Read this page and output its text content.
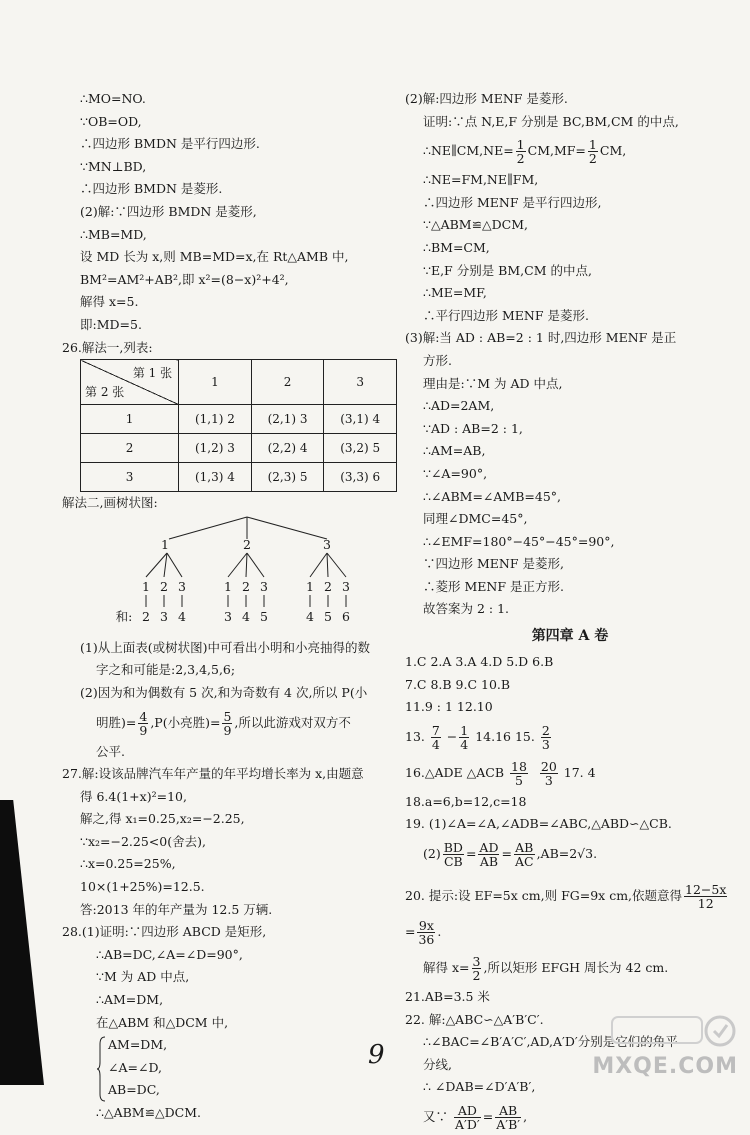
∴MO=NO.
∵OB=OD,
∴四边形 BMDN 是平行四边形.
∵MN⊥BD,
∴四边形 BMDN 是菱形.
(2)解:∵四边形 BMDN 是菱形,
∴MB=MD,
设 MD 长为 x,则 MB=MD=x,在 Rt△AMB 中,
BM²=AM²+AB²,即 x²=(8−x)²+4²,
解得 x=5.
即:MD=5.
26.解法一,列表:
第 1 张
第 2 张	1	2	3
1	(1,1) 2	(2,1) 3	(3,1) 4
2	(1,2) 3	(2,2) 4	(3,2) 5
3	(1,3) 4	(2,3) 5	(3,3) 6
解法二,画树状图:
1	2	3
1 2 3	1 2 3	1 2 3
和: 2 3 4	3 4 5	4 5 6
(1)从上面表(或树状图)中可看出小明和小亮抽得的数
字之和可能是:2,3,4,5,6;
(2)因为和为偶数有 5 次,和为奇数有 4 次,所以 P(小
明胜)= $\frac{4}{9} ,P$(小亮胜)= $\frac{5}{9}$ ,所以此游戏对双方不
公平.
27.解:设该品牌汽车年产量的年平均增长率为 x,由题意
得 6.4(1+x)²=10,
解之,得 x₁=0.25,x₂=−2.25,
∵x₂=−2.25<0(舍去),
∴x=0.25=25%,
10×(1+25%)=12.5.
答:2013 年的年产量为 12.5 万辆.
28.(1)证明:∵四边形 ABCD 是矩形,
∴AB=DC,∠A=∠D=90°,
∵M 为 AD 中点,
∴AM=DM,
在△ABM 和△DCM 中,
AM=DM,
∠A=∠D,
AB=DC,
∴△ABM≌△DCM.
(2)解:四边形 MENF 是菱形.
证明:∵点 N,E,F 分别是 BC,BM,CM 的中点,
∴NE∥CM,NE= $\frac{1}{2} CM,MF= \frac{1}{2}$ CM,
∴NE=FM,NE∥FM,
∴四边形 MENF 是平行四边形,
∵△ABM≌△DCM,
∴BM=CM,
∵E,F 分别是 BM,CM 的中点,
∴ME=MF,
∴平行四边形 MENF 是菱形.
(3)解:当 AD : AB=2 : 1 时,四边形 MENF 是正
方形.
理由是:∵M 为 AD 中点,
∴AD=2AM,
∵AD : AB=2 : 1,
∴AM=AB,
∵∠A=90°,
∴∠ABM=∠AMB=45°,
同理∠DMC=45°,
∴∠EMF=180°−45°−45°=90°,
∵四边形 MENF 是菱形,
∴菱形 MENF 是正方形.
故答案为 2 : 1.
第四章 A 卷
1.C 2.A 3.A 4.D 5.D 6.B
7.C 8.B 9.C 10.B
11.9 : 1 12.10
13. $\frac{7}{4} - \frac{1}{4} 14.16$ 15. $\frac{2}{3}$
16.△ADE △ACB $\frac{18}{5}$
$\frac{20}{3} 17$. 4
18.a=6,b=12,c=18
19. (1)∠A=∠A,∠ADB=∠ABC,△ABD∽△CB.
$(2) \frac{BD}{CB} = \frac{AD}{AB} = \frac{AB}{AC} ,AB=2√3$.
20. 提示:设 EF=5x cm,则 FG=9x cm,依题意得 $\frac{12-5x}{12}$
= $\frac{9x}{36}$ .
解得 $x= \frac{3}{2}$ ,所以矩形 EFGH 周长为 42 cm.
21.AB=3.5 米
22. 解:△ABC∽△A′B′C′.
∴∠BAC=∠B′A′C′,AD,A′D′分别是它们的角平
分线,
∴ ∠DAB=∠D′A′B′,
又∵ $\frac{AD}{A'D'} = \frac{AB}{A'B'}$ ,
9	MXQE.COM
